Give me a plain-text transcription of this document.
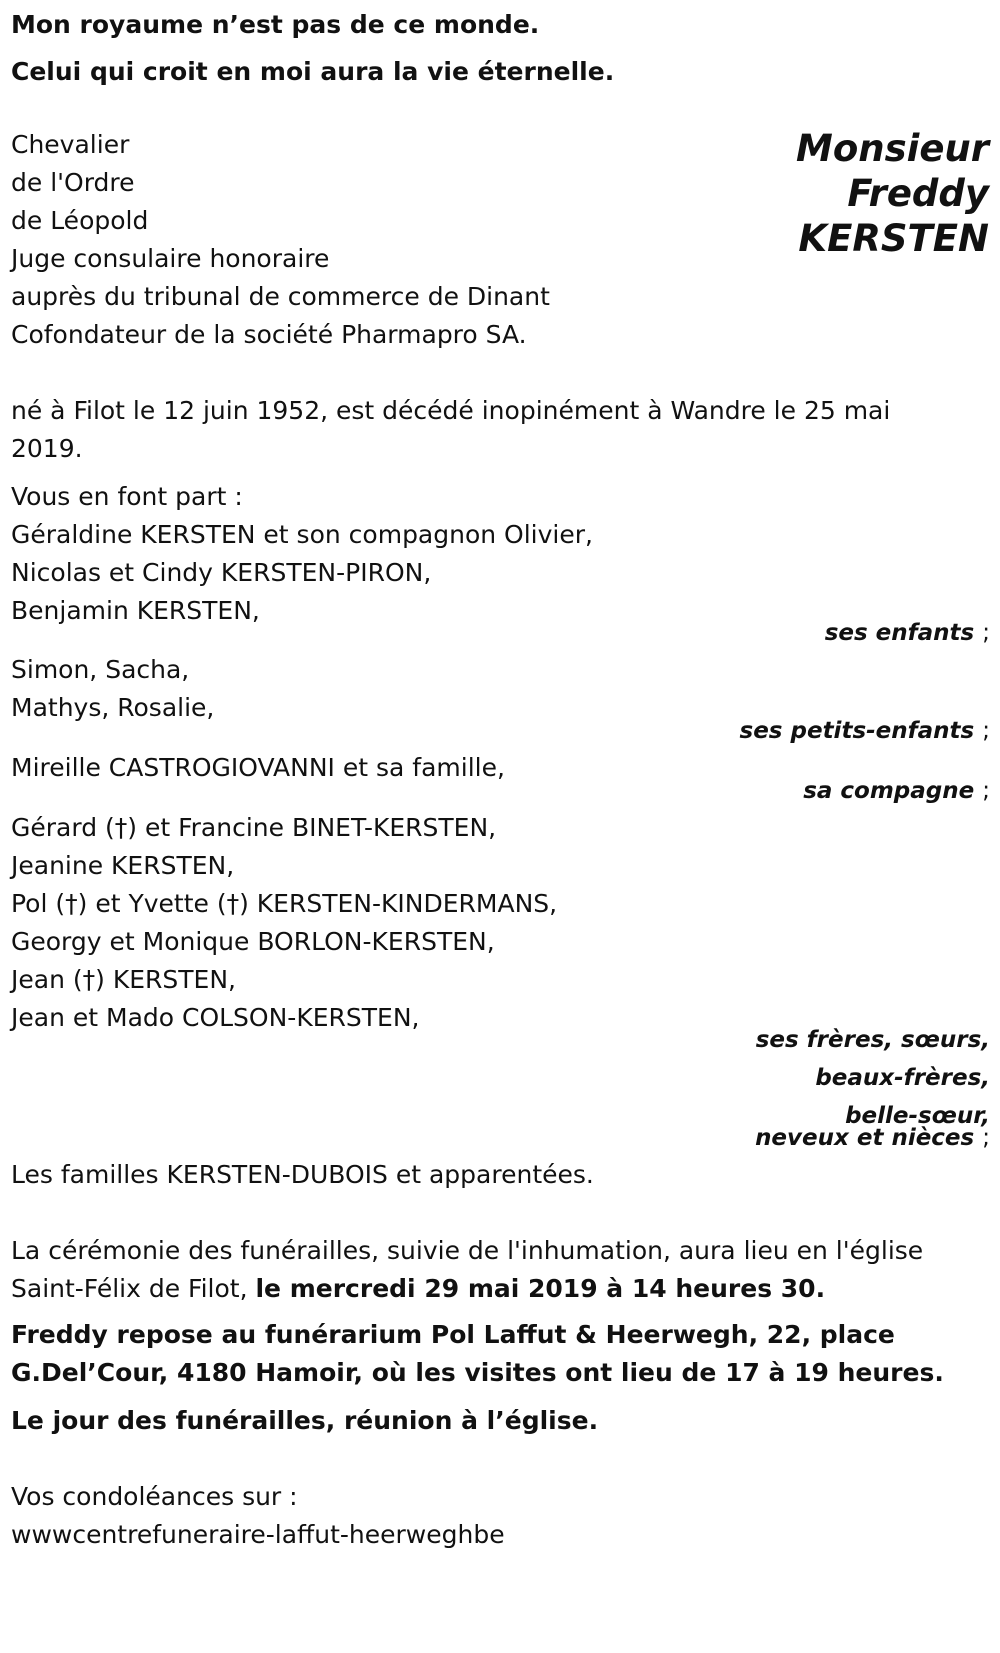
Mon royaume n’est pas de ce monde.
Celui qui croit en moi aura la vie éternelle.
Monsieur
Freddy
KERSTEN
Chevalier
de l'Ordre
de Léopold
Juge consulaire honoraire
auprès du tribunal de commerce de Dinant
Cofondateur de la société Pharmapro SA.
né à Filot le 12 juin 1952, est décédé inopinément à Wandre le 25 mai
2019.
Vous en font part :
Géraldine KERSTEN et son compagnon Olivier,
Nicolas et Cindy KERSTEN-PIRON,
Benjamin KERSTEN,
ses enfants ;
Simon, Sacha,
Mathys, Rosalie,
ses petits-enfants ;
Mireille CASTROGIOVANNI et sa famille,
sa compagne ;
Gérard (†) et Francine BINET-KERSTEN,
Jeanine KERSTEN,
Pol (†) et Yvette (†) KERSTEN-KINDERMANS,
Georgy et Monique BORLON-KERSTEN,
Jean (†) KERSTEN,
Jean et Mado COLSON-KERSTEN,
ses frères, sœurs,
beaux-frères,
belle-sœur,
neveux et nièces ;
Les familles KERSTEN-DUBOIS et apparentées.
La cérémonie des funérailles, suivie de l'inhumation, aura lieu en l'église
Saint-Félix de Filot, le mercredi 29 mai 2019 à 14 heures 30.
Freddy repose au funérarium Pol Laffut & Heerwegh, 22, place
G.Del’Cour, 4180 Hamoir, où les visites ont lieu de 17 à 19 heures.
Le jour des funérailles, réunion à l’église.
Vos condoléances sur :
wwwcentrefuneraire-laffut-heerweghbe
